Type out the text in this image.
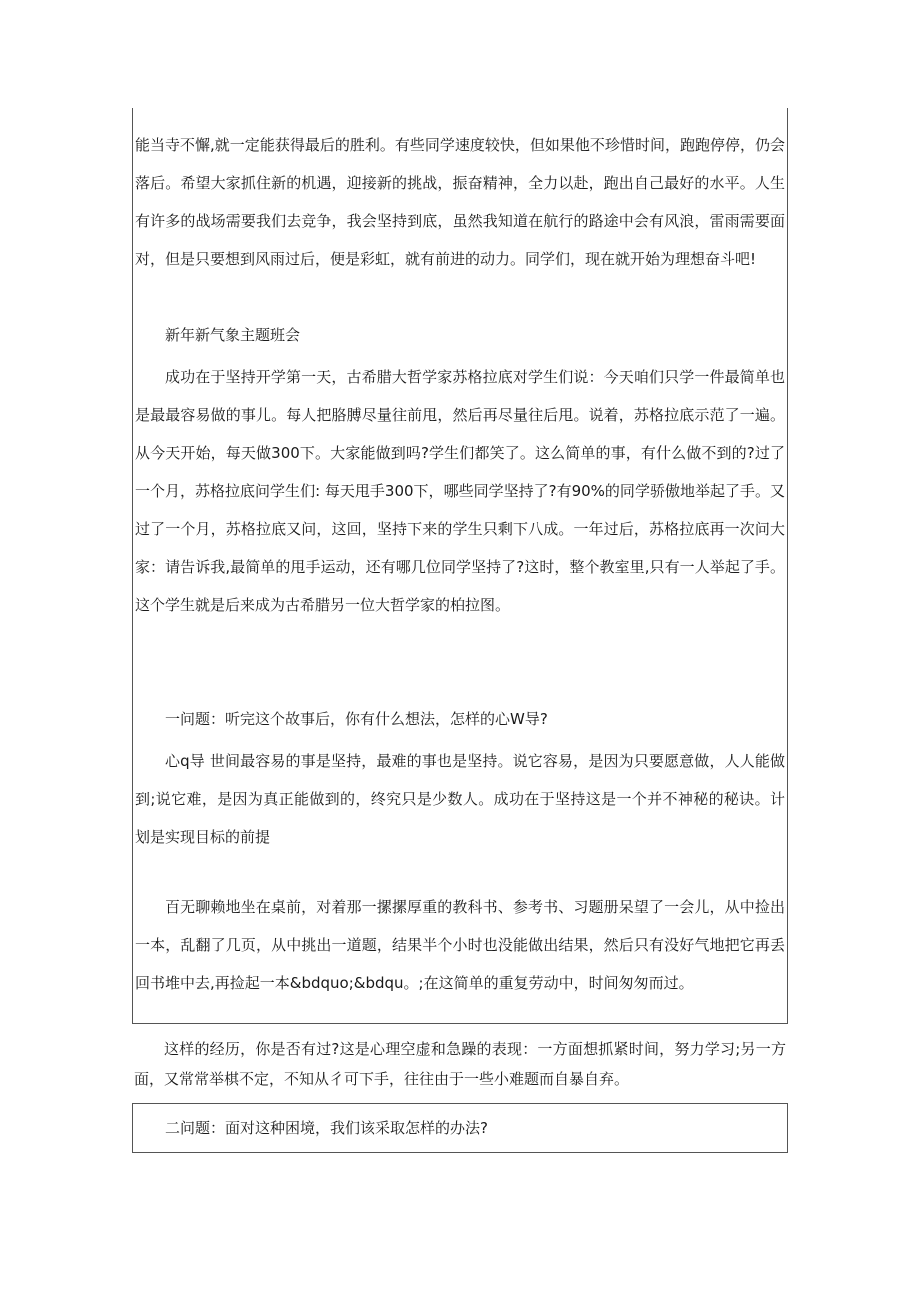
能当寺不懈,就一定能获得最后的胜利。有些同学速度较快，但如果他不珍惜时间，跑跑停停，仍会落后。希望大家抓住新的机遇，迎接新的挑战，振奋精神，全力以赴，跑出自己最好的水平。人生有许多的战场需要我们去竞争，我会坚持到底，虽然我知道在航行的路途中会有风浪，雷雨需要面对，但是只要想到风雨过后，便是彩虹，就有前进的动力。同学们，现在就开始为理想奋斗吧!

新年新气象主题班会

成功在于坚持开学第一天，古希腊大哲学家苏格拉底对学生们说：今天咱们只学一件最简单也是最最容易做的事儿。每人把胳膊尽量往前甩，然后再尽量往后甩。说着，苏格拉底示范了一遍。从今天开始，每天做300下。大家能做到吗?学生们都笑了。这么简单的事，有什么做不到的?过了一个月，苏格拉底问学生们: 每天甩手300下，哪些同学坚持了?有90%的同学骄傲地举起了手。又过了一个月，苏格拉底又问，这回，坚持下来的学生只剩下八成。一年过后，苏格拉底再一次问大家：请告诉我,最简单的甩手运动，还有哪几位同学坚持了?这时，整个教室里,只有一人举起了手。这个学生就是后来成为古希腊另一位大哲学家的柏拉图。

一问题：听完这个故事后，你有什么想法，怎样的心W导?

心q导 世间最容易的事是坚持，最难的事也是坚持。说它容易，是因为只要愿意做，人人能做到;说它难，是因为真正能做到的，终究只是少数人。成功在于坚持这是一个并不神秘的秘诀。计划是实现目标的前提

百无聊赖地坐在桌前，对着那一摞摞厚重的教科书、参考书、习题册呆望了一会儿，从中捡出一本，乱翻了几页，从中挑出一道题，结果半个小时也没能做出结果，然后只有没好气地把它再丢回书堆中去,再捡起一本&bdquo;&bdqu。;在这简单的重复劳动中，时间匆匆而过。

这样的经历，你是否有过?这是心理空虚和急躁的表现：一方面想抓紧时间，努力学习;另一方面，又常常举棋不定，不知从彳可下手，往往由于一些小难题而自暴自弃。

二问题：面对这种困境，我们该采取怎样的办法?
